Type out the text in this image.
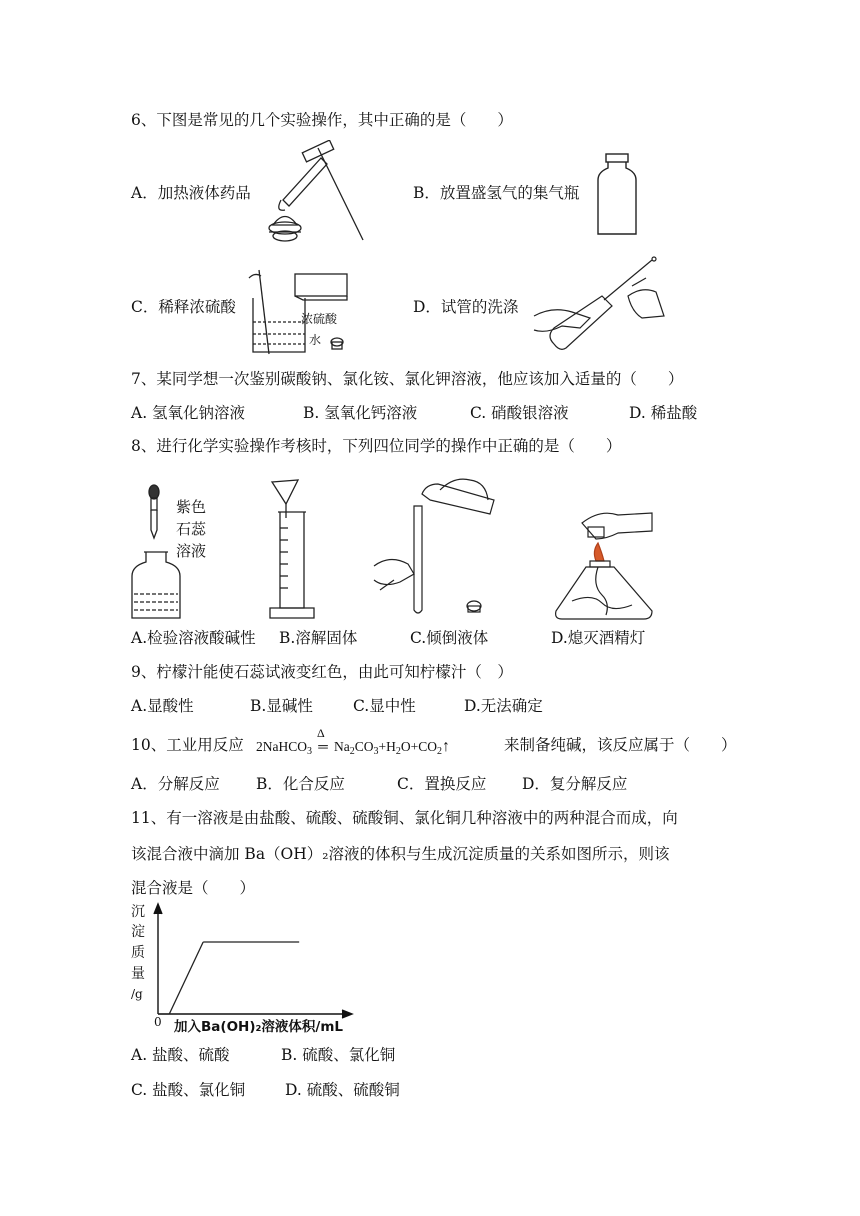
6、下图是常见的几个实验操作，其中正确的是（　　）
A．加热液体药品	B．放置盛氢气的集气瓶
C．稀释浓硫酸
浓硫酸
水
D．试管的洗涤
7、某同学想一次鉴别碳酸钠、氯化铵、氯化钾溶液，他应该加入适量的（　　）
A. 氢氧化钠溶液	B. 氢氧化钙溶液	C. 硝酸银溶液	D. 稀盐酸
8、进行化学实验操作考核时，下列四位同学的操作中正确的是（　　）
紫色
石蕊
溶液
A.检验溶液酸碱性 B.溶解固体	C.倾倒液体	D.熄灭酒精灯
9、柠檬汁能使石蕊试液变红色，由此可知柠檬汁（　）
A.显酸性	B.显碱性	C.显中性	D.无法确定
10、工业用反应 2NaHCO$_3$
Δ
═ $Na_2CO_3+H_2O+CO_2↑$	来制备纯碱，该反应属于（　　）
A．分解反应 B．化合反应	C．置换反应 D．复分解反应
11、有一溶液是由盐酸、硫酸、硫酸铜、氯化铜几种溶液中的两种混合而成，向
该混合液中滴加 Ba（OH）₂溶液的体积与生成沉淀质量的关系如图所示，则该
混合液是（　　）
沉
淀
质
量
/g
0 加入Ba(OH)₂溶液体积/mL
A. 盐酸、硫酸	B. 硫酸、氯化铜
C. 盐酸、氯化铜	D. 硫酸、硫酸铜
